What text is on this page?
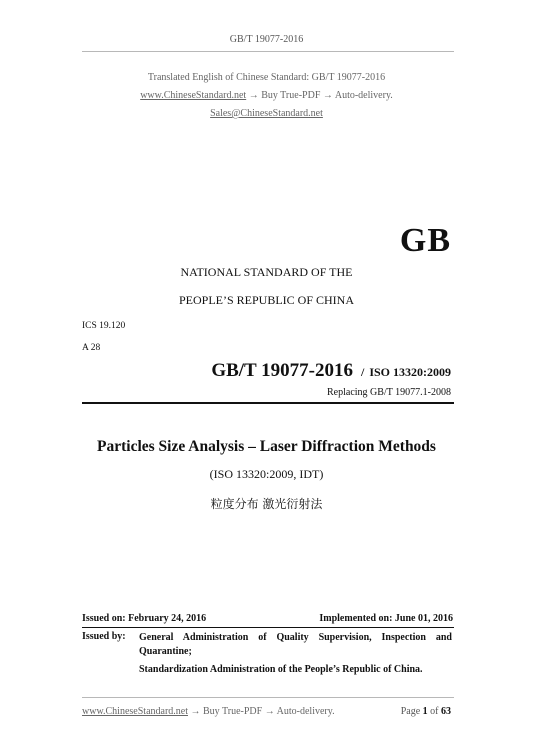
GB/T 19077-2016
Translated English of Chinese Standard: GB/T 19077-2016
www.ChineseStandard.net → Buy True-PDF → Auto-delivery.
Sales@ChineseStandard.net
GB
NATIONAL STANDARD OF THE
PEOPLE’S REPUBLIC OF CHINA
ICS 19.120
A 28
GB/T 19077-2016 / ISO 13320:2009
Replacing GB/T 19077.1-2008
Particles Size Analysis – Laser Diffraction Methods
(ISO 13320:2009, IDT)
粒度分布 激光衍射法
Issued on: February 24, 2016	Implemented on: June 01, 2016
Issued by: General Administration of Quality Supervision, Inspection and Quarantine;
Standardization Administration of the People’s Republic of China.
www.ChineseStandard.net → Buy True-PDF → Auto-delivery.	Page 1 of 63
